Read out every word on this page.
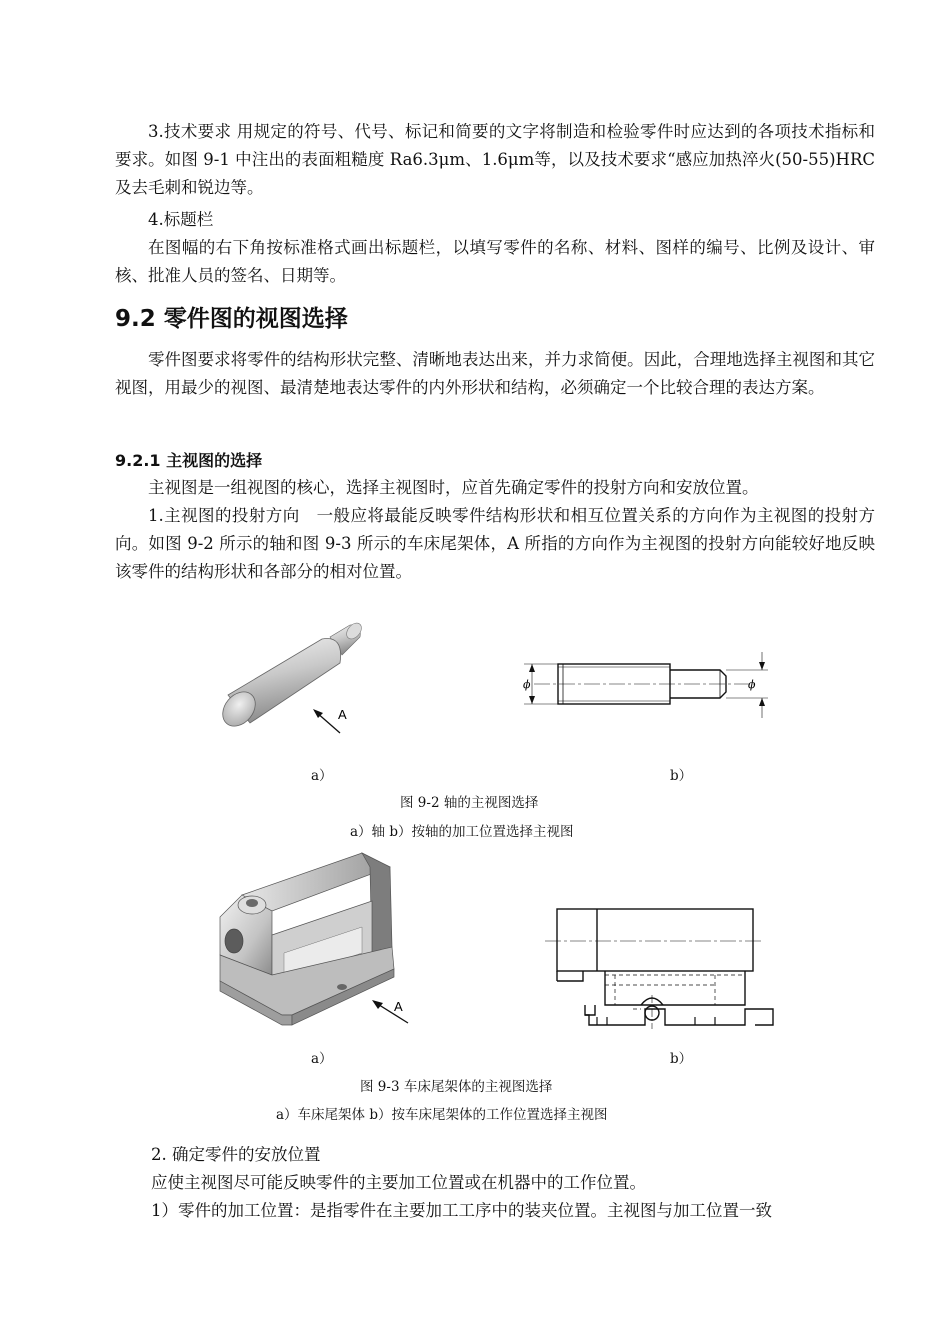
3.技术要求 用规定的符号、代号、标记和简要的文字将制造和检验零件时应达到的各项技术指标和要求。如图 9-1 中注出的表面粗糙度 Ra6.3μm、1.6μm等，以及技术要求“感应加热淬火(50-55)HRC 及去毛刺和锐边等。

4.标题栏

在图幅的右下角按标准格式画出标题栏，以填写零件的名称、材料、图样的编号、比例及设计、审核、批准人员的签名、日期等。

9.2 零件图的视图选择

零件图要求将零件的结构形状完整、清晰地表达出来，并力求简便。因此，合理地选择主视图和其它视图，用最少的视图、最清楚地表达零件的内外形状和结构，必须确定一个比较合理的表达方案。

9.2.1 主视图的选择

主视图是一组视图的核心，选择主视图时，应首先确定零件的投射方向和安放位置。

1.主视图的投射方向　一般应将最能反映零件结构形状和相互位置关系的方向作为主视图的投射方向。如图 9-2 所示的轴和图 9-3 所示的车床尾架体，A 所指的方向作为主视图的投射方向能较好地反映该零件的结构形状和各部分的相对位置。

A
ϕ	ϕ
a）	b）
图 9-2 轴的主视图选择
a）轴 b）按轴的加工位置选择主视图
A
a）	b）
图 9-3 车床尾架体的主视图选择
a）车床尾架体 b）按车床尾架体的工作位置选择主视图

2. 确定零件的安放位置

应使主视图尽可能反映零件的主要加工位置或在机器中的工作位置。

1）零件的加工位置：是指零件在主要加工工序中的装夹位置。主视图与加工位置一致
